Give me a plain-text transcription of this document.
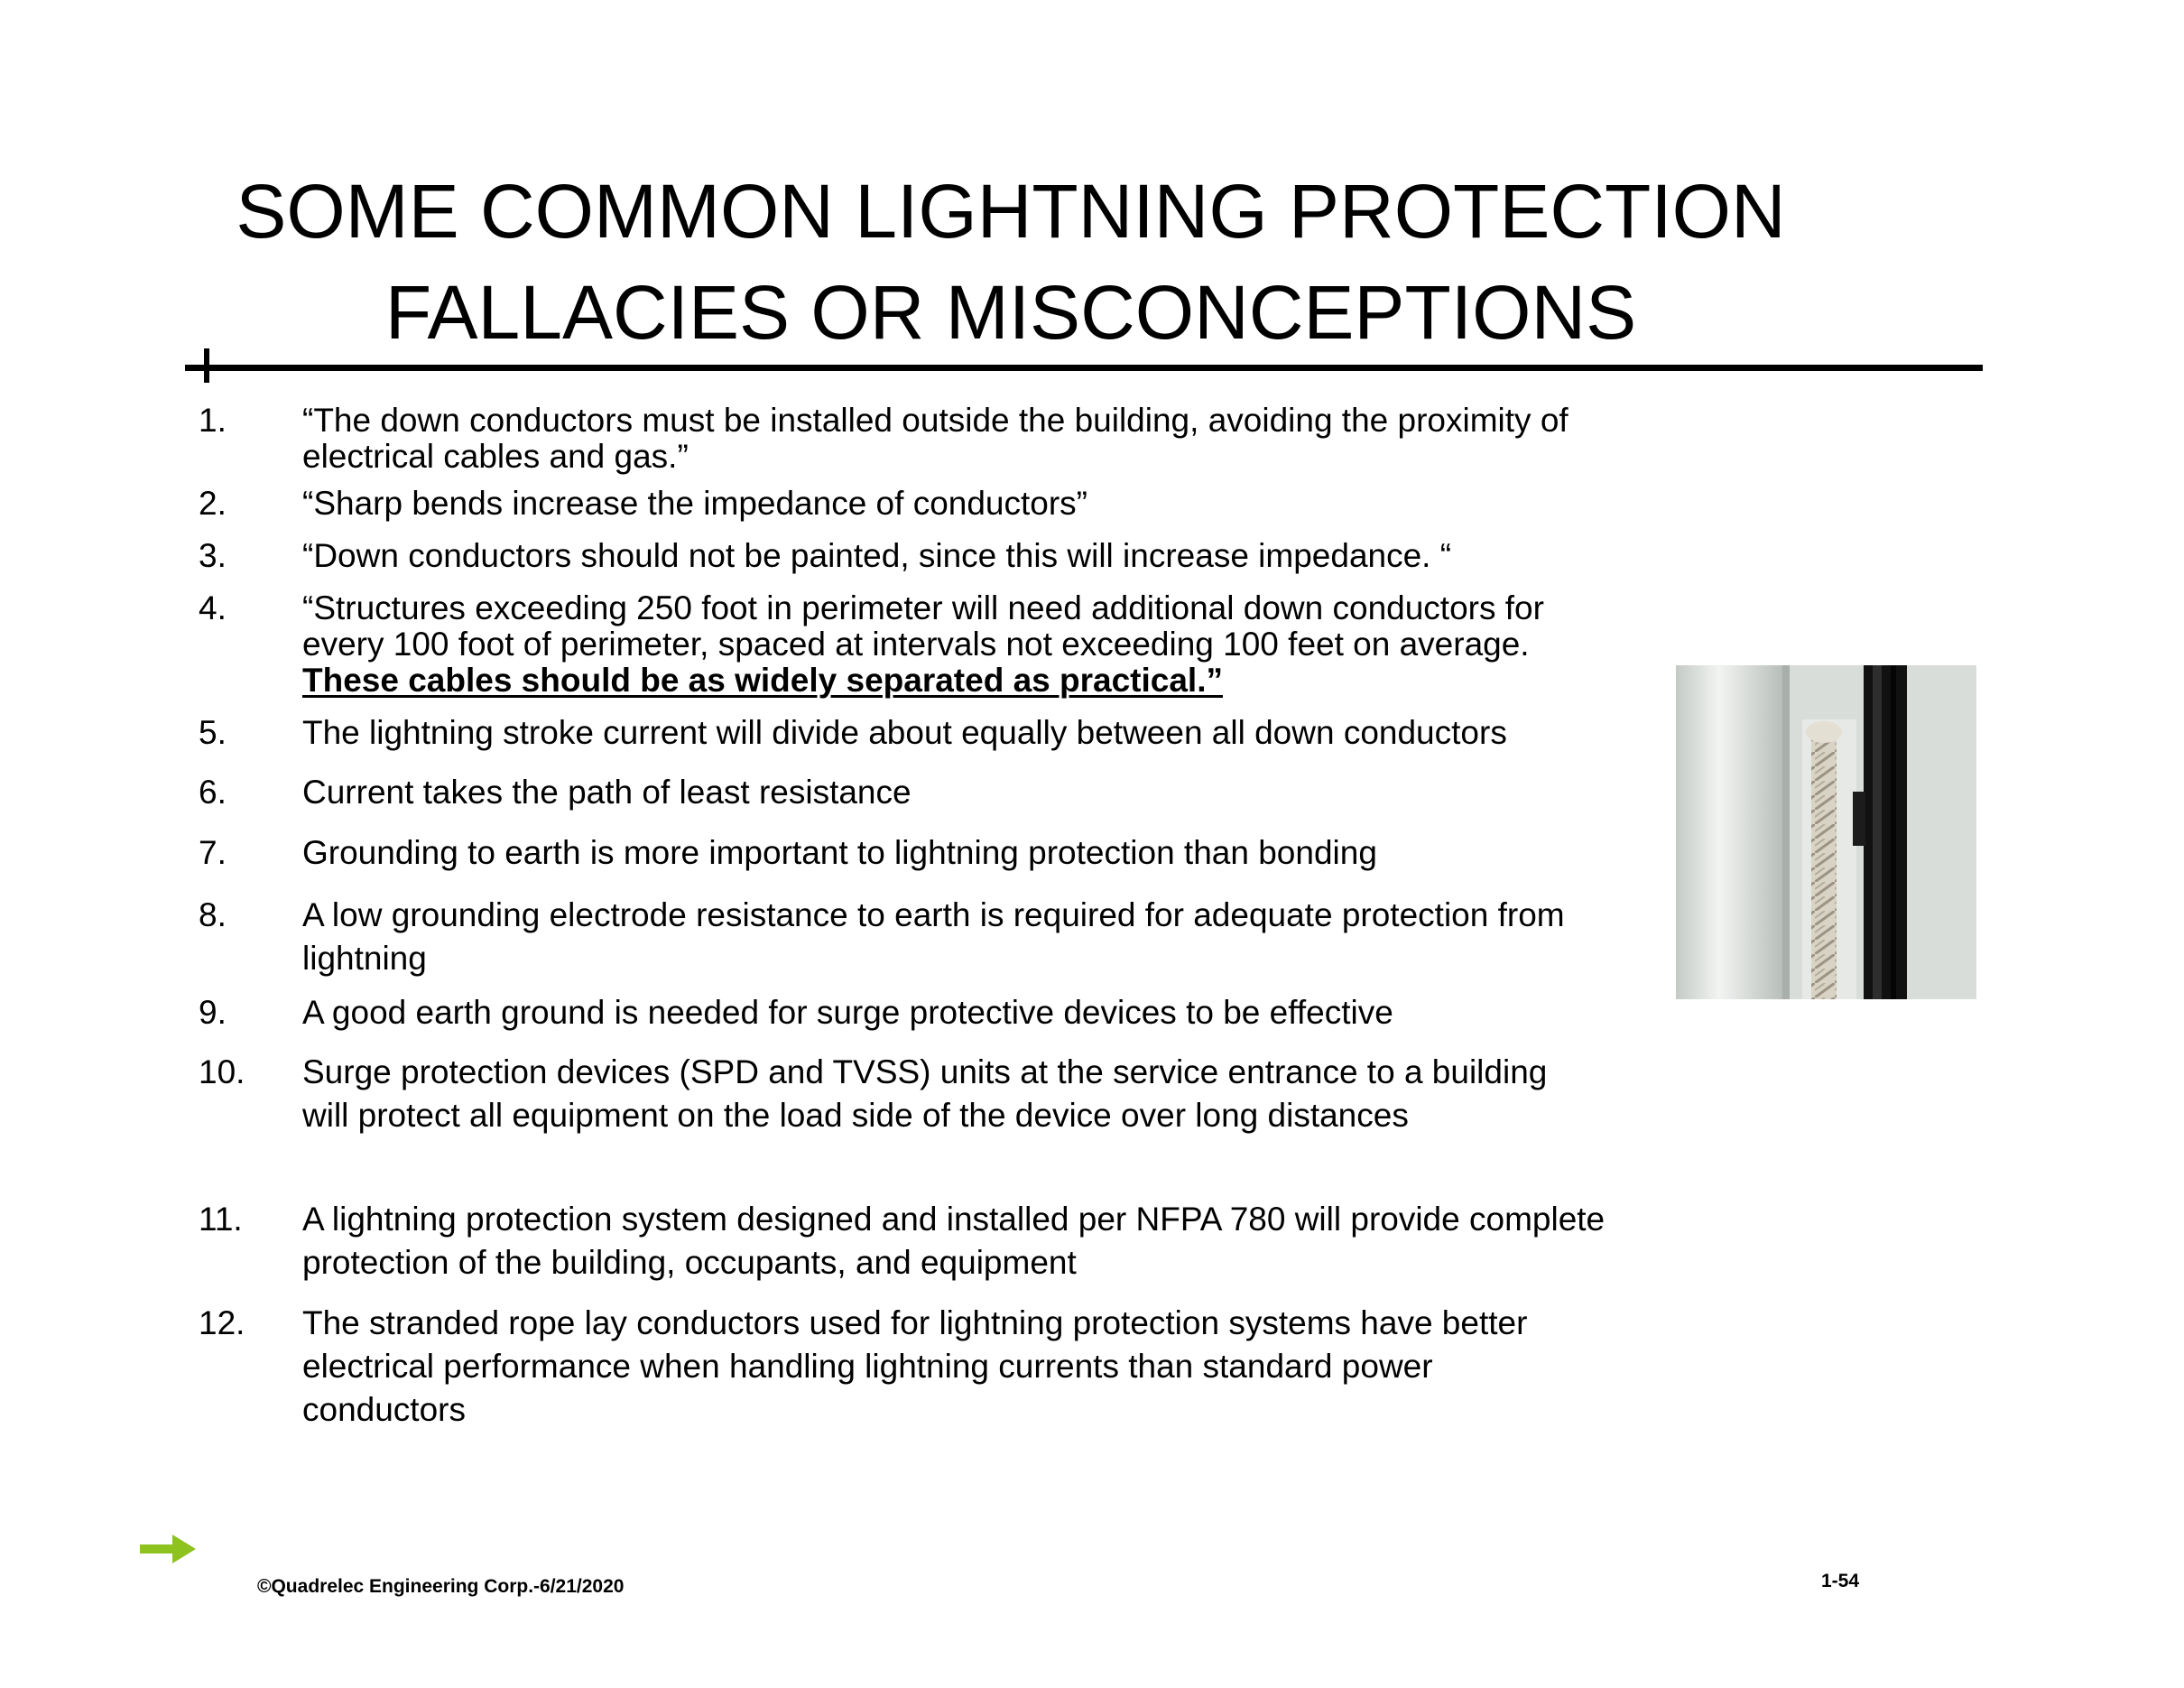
SOME COMMON LIGHTNING PROTECTION
FALLACIES OR MISCONCEPTIONS
1.	“The down conductors must be installed outside the building, avoiding the proximity of electrical cables and gas.”
2.	“Sharp bends increase the impedance of conductors”
3.	“Down conductors should not be painted, since this will increase impedance. “
4.	“Structures exceeding 250 foot in perimeter will need additional down conductors for every 100 foot of perimeter, spaced at intervals not exceeding 100 feet on average. These cables should be as widely separated as practical.”
5.	The lightning stroke current will divide about equally between all down conductors
6.	Current takes the path of least resistance
7.	Grounding to earth is more important to lightning protection than bonding
8.	A low grounding electrode resistance to earth is required for adequate protection from lightning
9.	A good earth ground is needed for surge protective devices to be effective
10.	Surge protection devices (SPD and TVSS) units at the service entrance to a building will protect all equipment on the load side of the device over long distances
11.	A lightning protection system designed and installed per NFPA 780 will provide complete protection of the building, occupants, and equipment
12.	The stranded rope lay conductors used for lightning protection systems have better electrical performance when handling lightning currents than standard power conductors
©Quadrelec Engineering Corp.-6/21/2020	1-54
